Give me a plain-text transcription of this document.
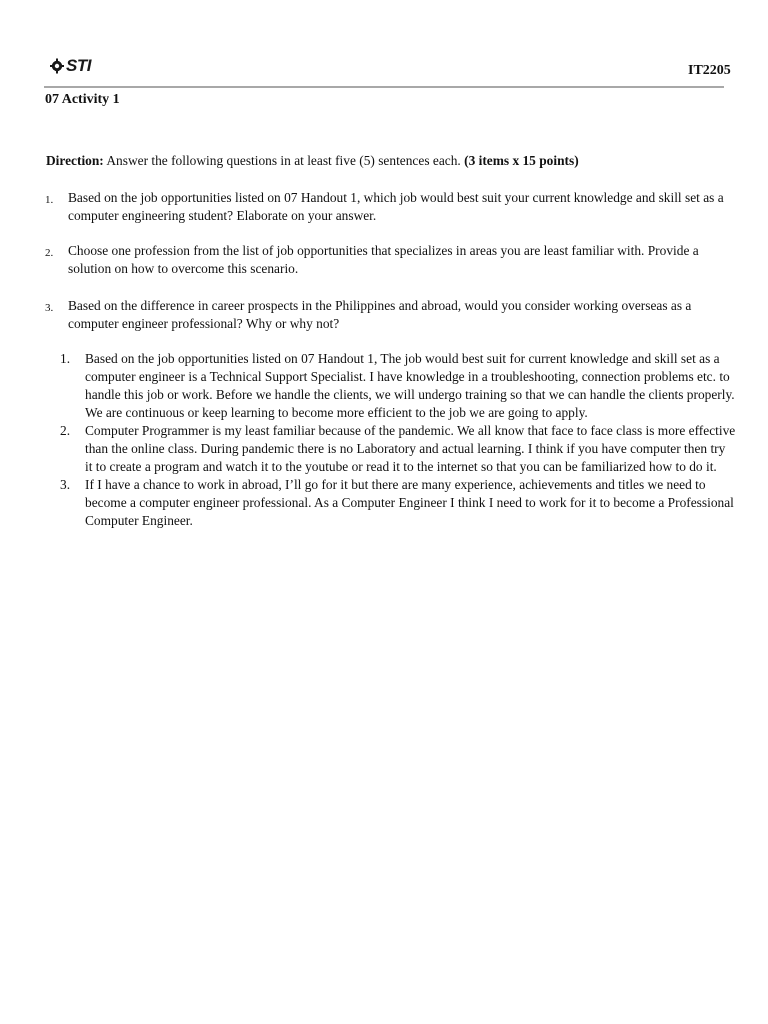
STI	IT2205
07 Activity 1
Direction: Answer the following questions in at least five (5) sentences each. (3 items x 15 points)
1. Based on the job opportunities listed on 07 Handout 1, which job would best suit your current knowledge and skill set as a computer engineering student? Elaborate on your answer.
2. Choose one profession from the list of job opportunities that specializes in areas you are least familiar with. Provide a solution on how to overcome this scenario.
3. Based on the difference in career prospects in the Philippines and abroad, would you consider working overseas as a computer engineer professional? Why or why not?
1. Based on the job opportunities listed on 07 Handout 1, The job would best suit for current knowledge and skill set as a computer engineer is a Technical Support Specialist. I have knowledge in a troubleshooting, connection problems etc. to handle this job or work. Before we handle the clients, we will undergo training so that we can handle the clients properly. We are continuous or keep learning to become more efficient to the job we are going to apply.
2. Computer Programmer is my least familiar because of the pandemic. We all know that face to face class is more effective than the online class. During pandemic there is no Laboratory and actual learning. I think if you have computer then try it to create a program and watch it to the youtube or read it to the internet so that you can be familiarized how to do it.
3. If I have a chance to work in abroad, I’ll go for it but there are many experience, achievements and titles we need to become a computer engineer professional. As a Computer Engineer I think I need to work for it to become a Professional Computer Engineer.
